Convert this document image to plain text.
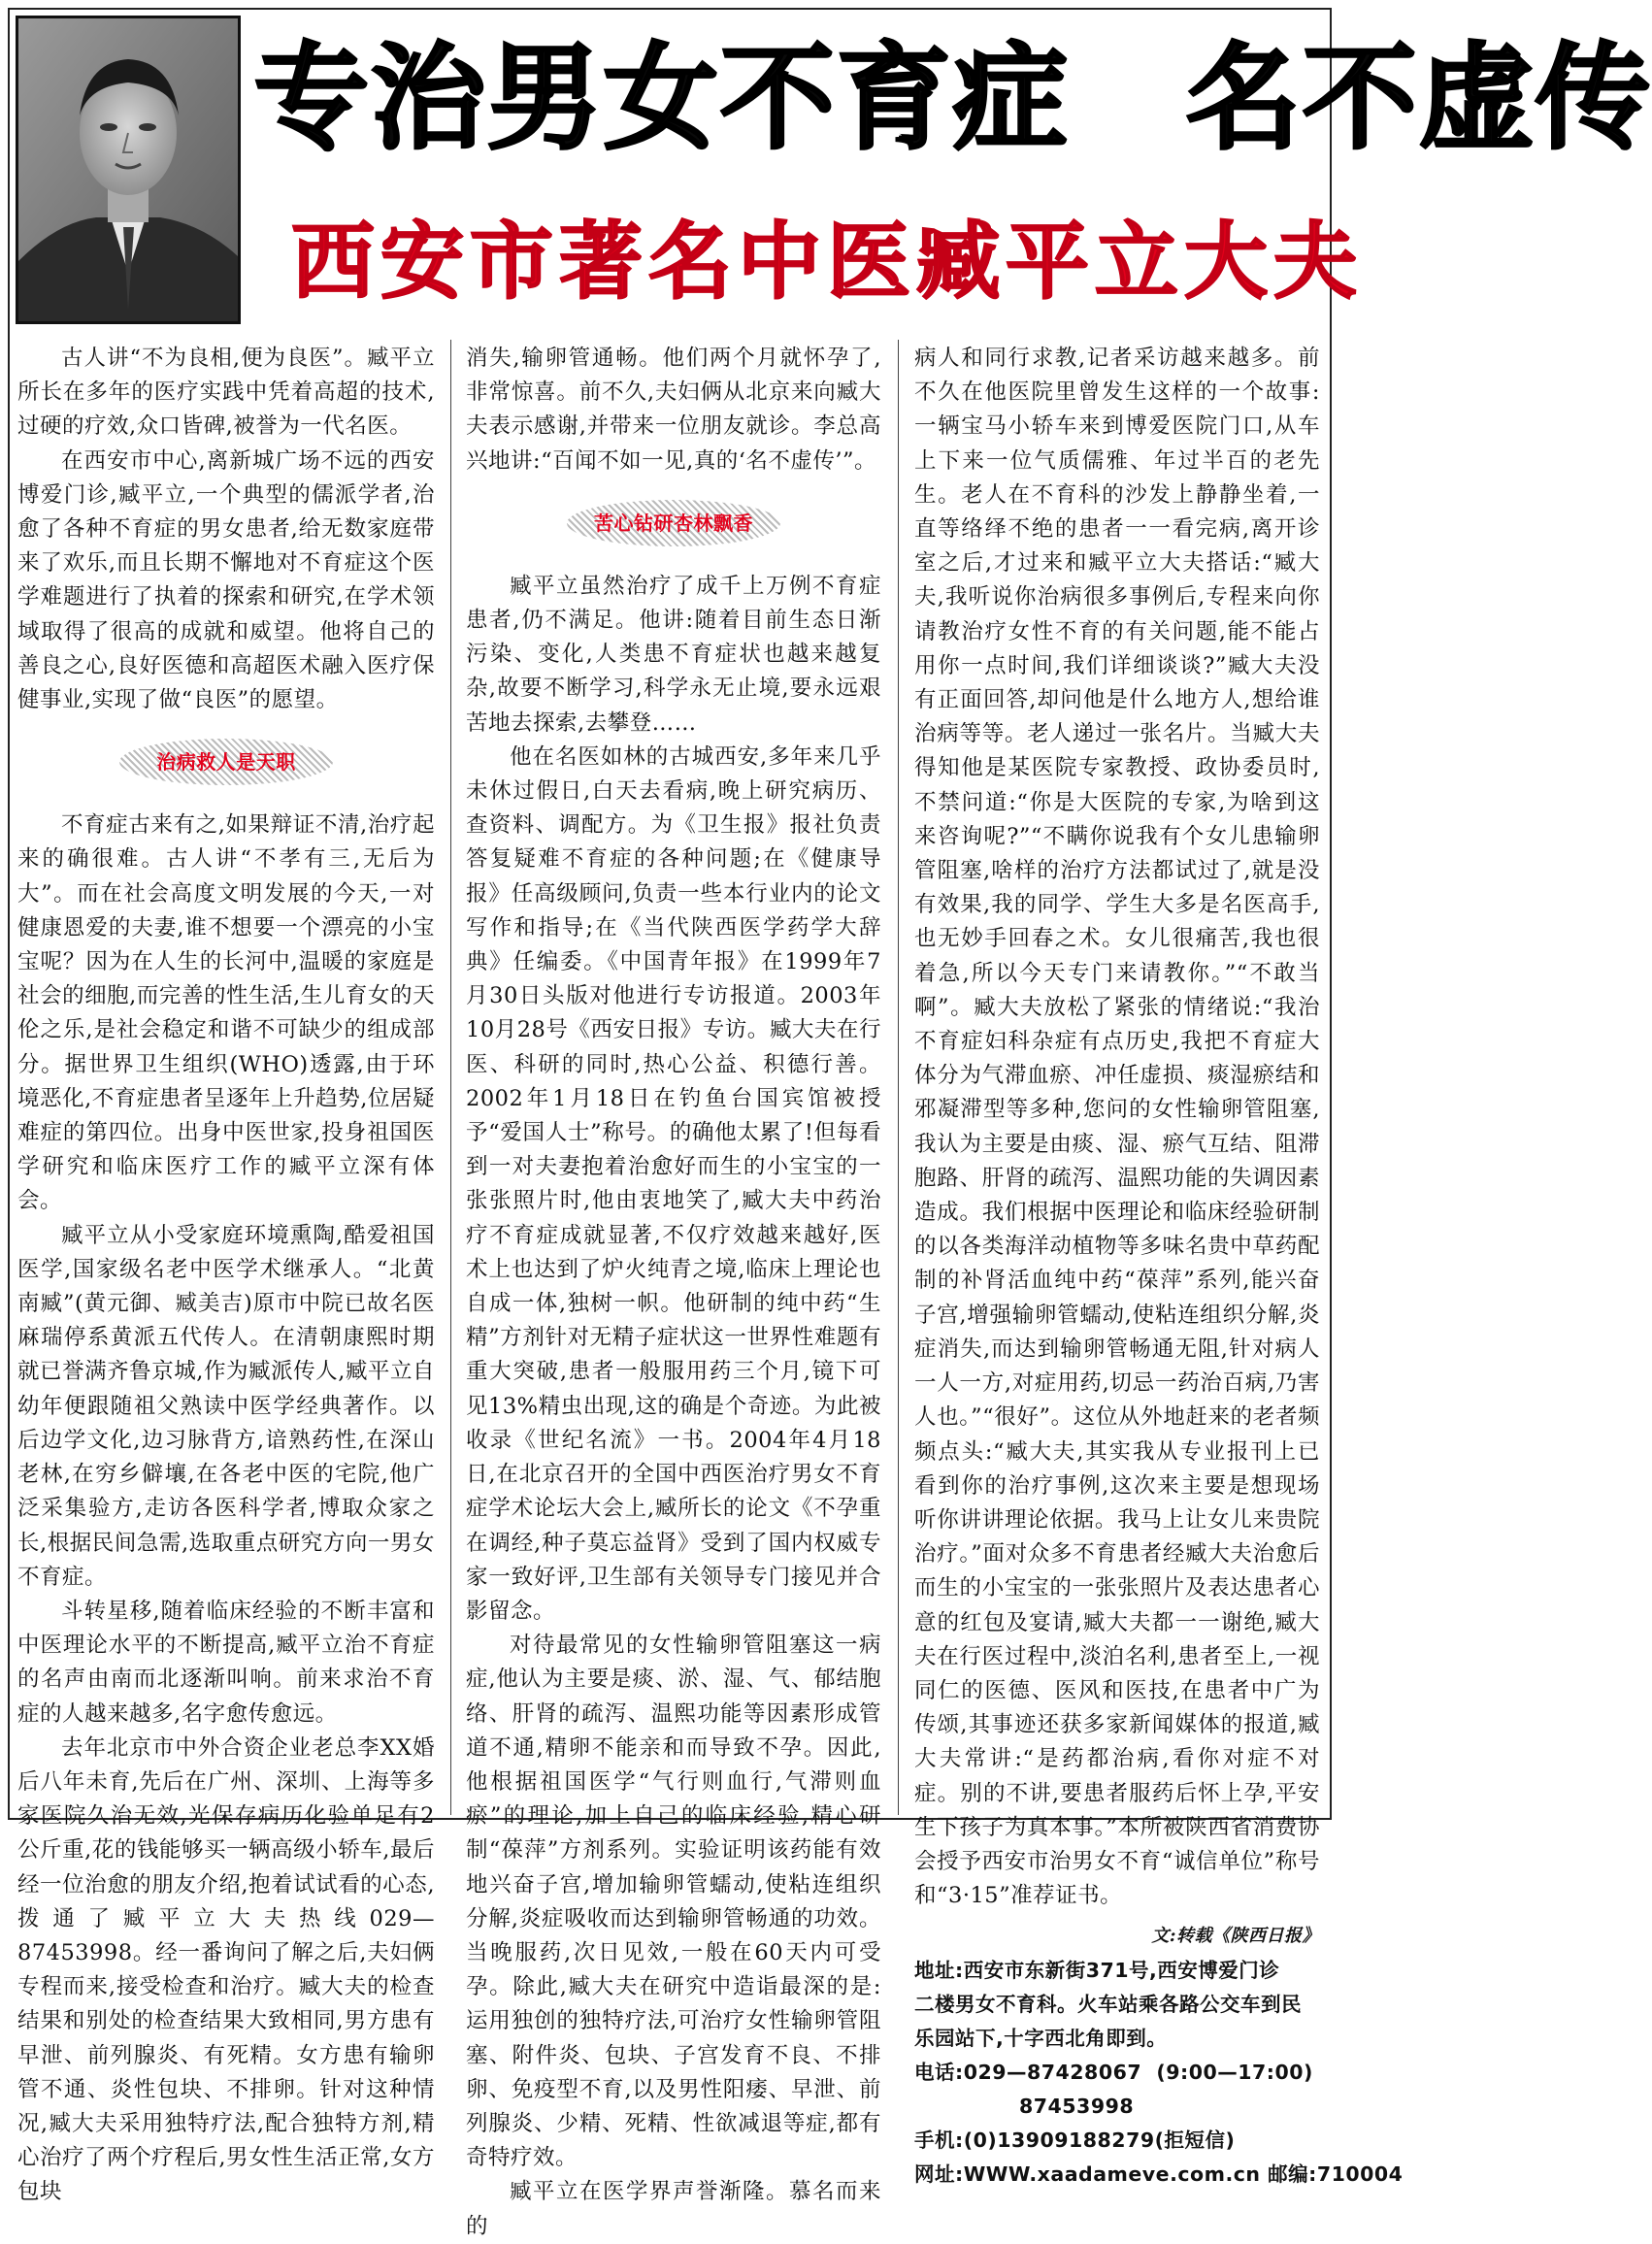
专治男女不育症　名不虚传
西安市著名中医臧平立大夫

古人讲“不为良相,便为良医”。臧平立所长在多年的医疗实践中凭着高超的技术,过硬的疗效,众口皆碑,被誉为一代名医。

在西安市中心,离新城广场不远的西安博爱门诊,臧平立,一个典型的儒派学者,治愈了各种不育症的男女患者,给无数家庭带来了欢乐,而且长期不懈地对不育症这个医学难题进行了执着的探索和研究,在学术领域取得了很高的成就和威望。他将自己的善良之心,良好医德和高超医术融入医疗保健事业,实现了做“良医”的愿望。

治病救人是天职

不育症古来有之,如果辩证不清,治疗起来的确很难。古人讲“不孝有三,无后为大”。而在社会高度文明发展的今天,一对健康恩爱的夫妻,谁不想要一个漂亮的小宝宝呢？因为在人生的长河中,温暖的家庭是社会的细胞,而完善的性生活,生儿育女的天伦之乐,是社会稳定和谐不可缺少的组成部分。据世界卫生组织(WHO)透露,由于环境恶化,不育症患者呈逐年上升趋势,位居疑难症的第四位。出身中医世家,投身祖国医学研究和临床医疗工作的臧平立深有体会。

臧平立从小受家庭环境熏陶,酷爱祖国医学,国家级名老中医学术继承人。“北黄南臧”(黄元御、臧美吉)原市中院已故名医麻瑞停系黄派五代传人。在清朝康熙时期就已誉满齐鲁京城,作为臧派传人,臧平立自幼年便跟随祖父熟读中医学经典著作。以后边学文化,边习脉背方,谙熟药性,在深山老林,在穷乡僻壤,在各老中医的宅院,他广泛采集验方,走访各医科学者,博取众家之长,根据民间急需,选取重点研究方向一男女不育症。

斗转星移,随着临床经验的不断丰富和中医理论水平的不断提高,臧平立治不育症的名声由南而北逐渐叫响。前来求治不育症的人越来越多,名字愈传愈远。

去年北京市中外合资企业老总李XX婚后八年未育,先后在广州、深圳、上海等多家医院久治无效,光保存病历化验单足有2公斤重,花的钱能够买一辆高级小轿车,最后经一位治愈的朋友介绍,抱着试试看的心态, 拨通了臧平立大夫热线029—87453998。经一番询问了解之后,夫妇俩专程而来,接受检查和治疗。臧大夫的检查结果和别处的检查结果大致相同,男方患有早泄、前列腺炎、有死精。女方患有输卵管不通、炎性包块、不排卵。针对这种情况,臧大夫采用独特疗法,配合独特方剂,精心治疗了两个疗程后,男女性生活正常,女方包块

消失,输卵管通畅。他们两个月就怀孕了,非常惊喜。前不久,夫妇俩从北京来向臧大夫表示感谢,并带来一位朋友就诊。李总高兴地讲:“百闻不如一见,真的‘名不虚传’”。

苦心钻研杏林飘香

臧平立虽然治疗了成千上万例不育症患者,仍不满足。他讲:随着目前生态日渐污染、变化,人类患不育症状也越来越复杂,故要不断学习,科学永无止境,要永远艰苦地去探索,去攀登……

他在名医如林的古城西安,多年来几乎未休过假日,白天去看病,晚上研究病历、查资料、调配方。为《卫生报》报社负责答复疑难不育症的各种问题;在《健康导报》任高级顾问,负责一些本行业内的论文写作和指导;在《当代陕西医学药学大辞典》任编委。《中国青年报》在1999年7月30日头版对他进行专访报道。2003年10月28号《西安日报》专访。臧大夫在行医、科研的同时,热心公益、积德行善。2002年1月18日在钓鱼台国宾馆被授予“爱国人士”称号。的确他太累了!但每看到一对夫妻抱着治愈好而生的小宝宝的一张张照片时,他由衷地笑了,臧大夫中药治疗不育症成就显著,不仅疗效越来越好,医术上也达到了炉火纯青之境,临床上理论也自成一体,独树一帜。他研制的纯中药“生精”方剂针对无精子症状这一世界性难题有重大突破,患者一般服用药三个月,镜下可见13%精虫出现,这的确是个奇迹。为此被收录《世纪名流》一书。2004年4月18日,在北京召开的全国中西医治疗男女不育症学术论坛大会上,臧所长的论文《不孕重在调经,种子莫忘益肾》受到了国内权威专家一致好评,卫生部有关领导专门接见并合影留念。

对待最常见的女性输卵管阻塞这一病症,他认为主要是痰、淤、湿、气、郁结胞络、肝肾的疏泻、温熙功能等因素形成管道不通,精卵不能亲和而导致不孕。因此,他根据祖国医学“气行则血行,气滞则血瘀”的理论,加上自己的临床经验,精心研制“葆萍”方剂系列。实验证明该药能有效地兴奋子宫,增加输卵管蠕动,使粘连组织分解,炎症吸收而达到输卵管畅通的功效。当晚服药,次日见效,一般在60天内可受孕。除此,臧大夫在研究中造诣最深的是:运用独创的独特疗法,可治疗女性输卵管阻塞、附件炎、包块、子宫发育不良、不排卵、免疫型不育,以及男性阳痿、早泄、前列腺炎、少精、死精、性欲减退等症,都有奇特疗效。

臧平立在医学界声誉渐隆。慕名而来的

病人和同行求教,记者采访越来越多。前不久在他医院里曾发生这样的一个故事:一辆宝马小轿车来到博爱医院门口,从车上下来一位气质儒雅、年过半百的老先生。老人在不育科的沙发上静静坐着,一直等络绎不绝的患者一一看完病,离开诊室之后,才过来和臧平立大夫搭话:“臧大夫,我听说你治病很多事例后,专程来向你请教治疗女性不育的有关问题,能不能占用你一点时间,我们详细谈谈?”臧大夫没有正面回答,却问他是什么地方人,想给谁治病等等。老人递过一张名片。当臧大夫得知他是某医院专家教授、政协委员时,不禁问道:“你是大医院的专家,为啥到这来咨询呢?”“不瞒你说我有个女儿患输卵管阻塞,啥样的治疗方法都试过了,就是没有效果,我的同学、学生大多是名医高手,也无妙手回春之术。女儿很痛苦,我也很着急,所以今天专门来请教你。”“不敢当啊”。臧大夫放松了紧张的情绪说:“我治不育症妇科杂症有点历史,我把不育症大体分为气滞血瘀、冲任虚损、痰湿瘀结和邪凝滞型等多种,您问的女性输卵管阻塞,我认为主要是由痰、湿、瘀气互结、阻滞胞路、肝肾的疏泻、温熙功能的失调因素造成。我们根据中医理论和临床经验研制的以各类海洋动植物等多味名贵中草药配制的补肾活血纯中药“葆萍”系列,能兴奋子宫,增强输卵管蠕动,使粘连组织分解,炎症消失,而达到输卵管畅通无阻,针对病人一人一方,对症用药,切忌一药治百病,乃害人也。”“很好”。这位从外地赶来的老者频频点头:“臧大夫,其实我从专业报刊上已看到你的治疗事例,这次来主要是想现场听你讲讲理论依据。我马上让女儿来贵院治疗。”面对众多不育患者经臧大夫治愈后而生的小宝宝的一张张照片及表达患者心意的红包及宴请,臧大夫都一一谢绝,臧大夫在行医过程中,淡泊名利,患者至上,一视同仁的医德、医风和医技,在患者中广为传颂,其事迹还获多家新闻媒体的报道,臧大夫常讲:“是药都治病,看你对症不对症。别的不讲,要患者服药后怀上孕,平安生下孩子为真本事。”本所被陕西省消费协会授予西安市治男女不育“诚信单位”称号和“3·15”准荐证书。

文:转载《陕西日报》

地址:西安市东新街371号,西安博爱门诊
二楼男女不育科。火车站乘各路公交车到民
乐园站下,十字西北角即到。
电话:029—87428067 (9:00—17:00)
87453998
手机:(0)13909188279(拒短信)
网址:WWW.xaadameve.com.cn 邮编:710004
